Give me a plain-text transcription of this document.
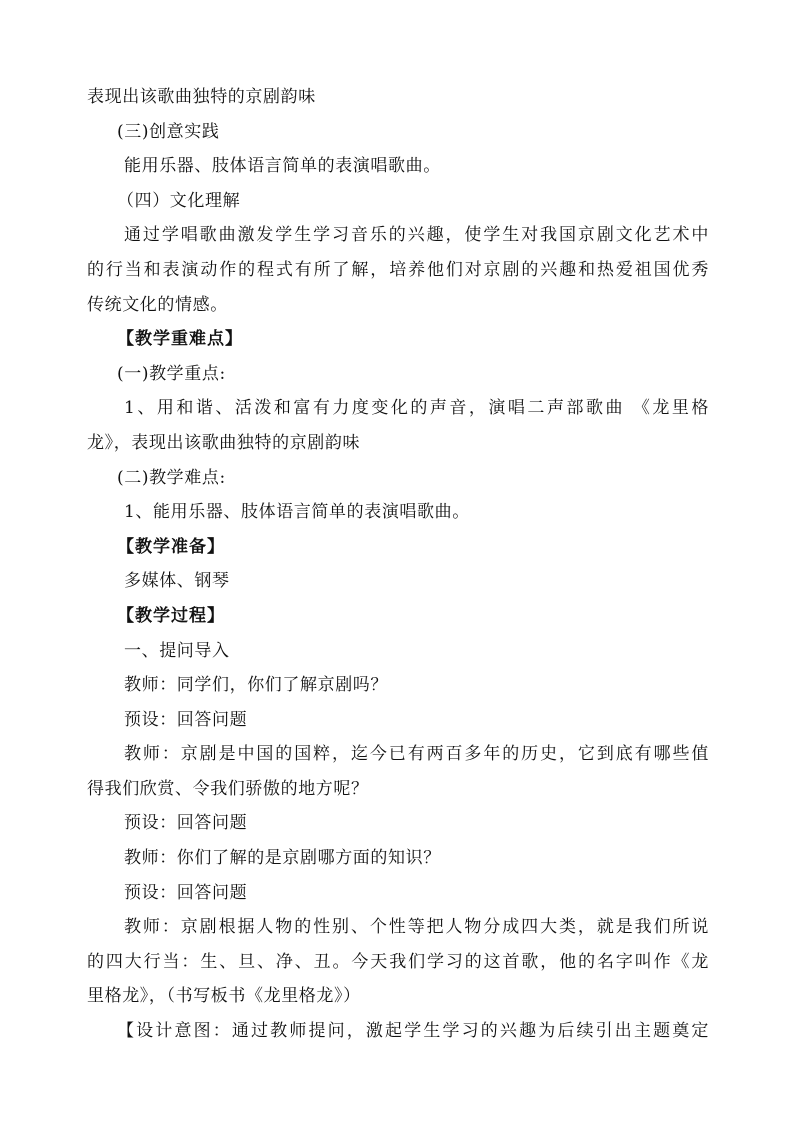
表现出该歌曲独特的京剧韵味
(三)创意实践
能用乐器、肢体语言简单的表演唱歌曲。
（四）文化理解
通过学唱歌曲激发学生学习音乐的兴趣，使学生对我国京剧文化艺术中
的行当和表演动作的程式有所了解，培养他们对京剧的兴趣和热爱祖国优秀
传统文化的情感。
【教学重难点】
(一)教学重点:
1、用和谐、活泼和富有力度变化的声音，演唱二声部歌曲 《龙里格
龙》，表现出该歌曲独特的京剧韵味
(二)教学难点:
1、能用乐器、肢体语言简单的表演唱歌曲。
【教学准备】
多媒体、钢琴
【教学过程】
一、提问导入
教师：同学们，你们了解京剧吗？
预设：回答问题
教师：京剧是中国的国粹，迄今已有两百多年的历史，它到底有哪些值
得我们欣赏、令我们骄傲的地方呢？
预设：回答问题
教师：你们了解的是京剧哪方面的知识？
预设：回答问题
教师：京剧根据人物的性别、个性等把人物分成四大类，就是我们所说
的四大行当：生、旦、净、丑。今天我们学习的这首歌，他的名字叫作《龙
里格龙》，（书写板书《龙里格龙》）
【设计意图：通过教师提问，激起学生学习的兴趣为后续引出主题奠定
